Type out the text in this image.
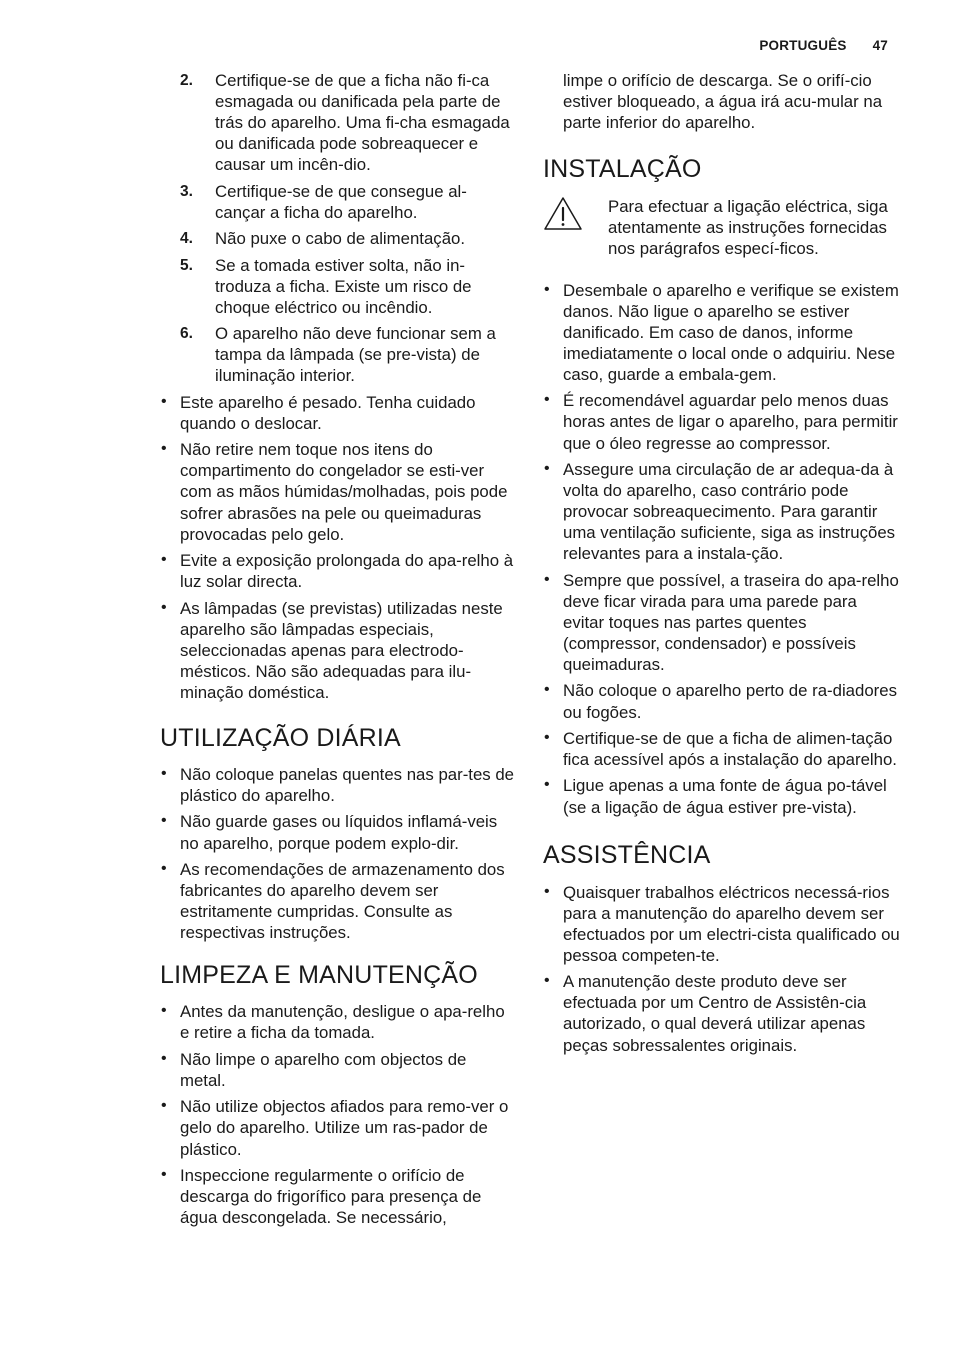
PORTUGUÊS 47
2. Certifique-se de que a ficha não fi-ca esmagada ou danificada pela parte de trás do aparelho. Uma fi-cha esmagada ou danificada pode sobreaquecer e causar um incên-dio.
3. Certifique-se de que consegue al-cançar a ficha do aparelho.
4. Não puxe o cabo de alimentação.
5. Se a tomada estiver solta, não in-troduza a ficha. Existe um risco de choque eléctrico ou incêndio.
6. O aparelho não deve funcionar sem a tampa da lâmpada (se pre-vista) de iluminação interior.
• Este aparelho é pesado. Tenha cuidado quando o deslocar.
• Não retire nem toque nos itens do compartimento do congelador se esti-ver com as mãos húmidas/molhadas, pois pode sofrer abrasões na pele ou queimaduras provocadas pelo gelo.
• Evite a exposição prolongada do apa-relho à luz solar directa.
• As lâmpadas (se previstas) utilizadas neste aparelho são lâmpadas especiais, seleccionadas apenas para electrodo-mésticos. Não são adequadas para ilu-minação doméstica.
UTILIZAÇÃO DIÁRIA
• Não coloque panelas quentes nas par-tes de plástico do aparelho.
• Não guarde gases ou líquidos inflamá-veis no aparelho, porque podem explo-dir.
• As recomendações de armazenamento dos fabricantes do aparelho devem ser estritamente cumpridas. Consulte as respectivas instruções.
LIMPEZA E MANUTENÇÃO
• Antes da manutenção, desligue o apa-relho e retire a ficha da tomada.
• Não limpe o aparelho com objectos de metal.
• Não utilize objectos afiados para remo-ver o gelo do aparelho. Utilize um ras-pador de plástico.
• Inspeccione regularmente o orifício de descarga do frigorífico para presença de água descongelada. Se necessário,

limpe o orifício de descarga. Se o orifí-cio estiver bloqueado, a água irá acu-mular na parte inferior do aparelho.

INSTALAÇÃO

Para efectuar a ligação eléctrica, siga atentamente as instruções fornecidas nos parágrafos especí-ficos.

• Desembale o aparelho e verifique se existem danos. Não ligue o aparelho se estiver danificado. Em caso de danos, informe imediatamente o local onde o adquiriu. Nese caso, guarde a embala-gem.
• É recomendável aguardar pelo menos duas horas antes de ligar o aparelho, para permitir que o óleo regresse ao compressor.
• Assegure uma circulação de ar adequa-da à volta do aparelho, caso contrário pode provocar sobreaquecimento. Para garantir uma ventilação suficiente, siga as instruções relevantes para a instala-ção.
• Sempre que possível, a traseira do apa-relho deve ficar virada para uma parede para evitar toques nas partes quentes (compressor, condensador) e possíveis queimaduras.
• Não coloque o aparelho perto de ra-diadores ou fogões.
• Certifique-se de que a ficha de alimen-tação fica acessível após a instalação do aparelho.
• Ligue apenas a uma fonte de água po-tável (se a ligação de água estiver pre-vista).
ASSISTÊNCIA
• Quaisquer trabalhos eléctricos necessá-rios para a manutenção do aparelho devem ser efectuados por um electri-cista qualificado ou pessoa competen-te.
• A manutenção deste produto deve ser efectuada por um Centro de Assistên-cia autorizado, o qual deverá utilizar apenas peças sobressalentes originais.
